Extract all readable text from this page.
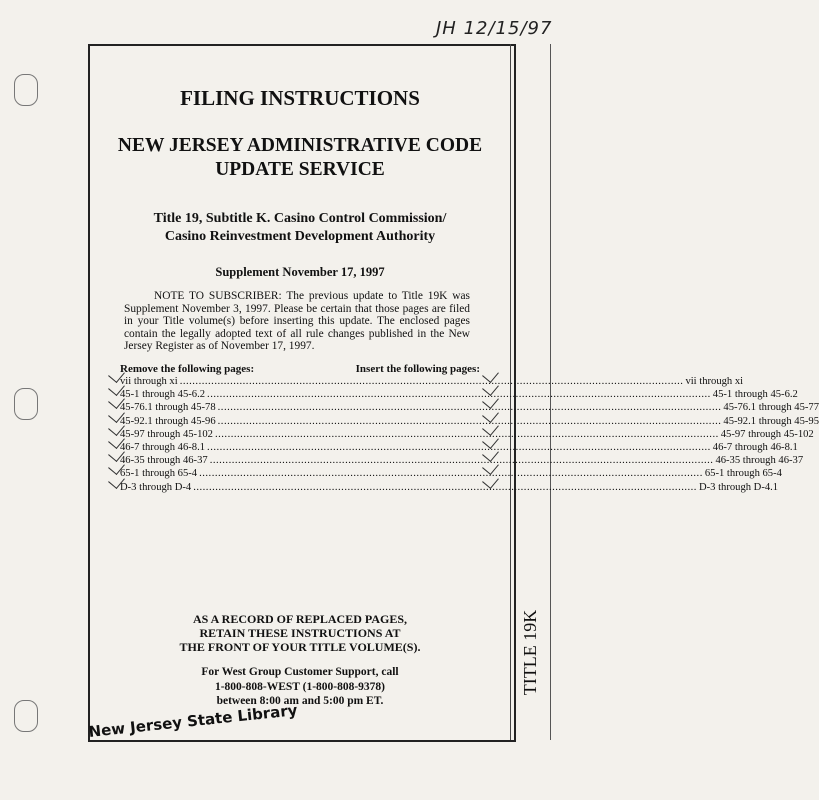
JH 12/15/97
FILING INSTRUCTIONS
NEW JERSEY ADMINISTRATIVE CODE
UPDATE SERVICE
Title 19, Subtitle K. Casino Control Commission/
Casino Reinvestment Development Authority
Supplement November 17, 1997
NOTE TO SUBSCRIBER: The previous update to Title 19K was Supplement November 3, 1997. Please be certain that those pages are filed in your Title volume(s) before inserting this update. The enclosed pages contain the legally adopted text of all rule changes published in the New Jersey Register as of November 17, 1997.
Remove the following pages:	Insert the following pages:
vii through xi ................................................................................................................................................................ vii through xi
45-1 through 45-6.2 ................................................................................................................................................................ 45-1 through 45-6.2
45-76.1 through 45-78 ................................................................................................................................................................ 45-76.1 through 45-77
45-92.1 through 45-96 ................................................................................................................................................................ 45-92.1 through 45-95
45-97 through 45-102 ................................................................................................................................................................ 45-97 through 45-102
46-7 through 46-8.1 ................................................................................................................................................................ 46-7 through 46-8.1
46-35 through 46-37 ................................................................................................................................................................ 46-35 through 46-37
65-1 through 65-4 ................................................................................................................................................................ 65-1 through 65-4
D-3 through D-4 ................................................................................................................................................................ D-3 through D-4.1
AS A RECORD OF REPLACED PAGES,
RETAIN THESE INSTRUCTIONS AT
THE FRONT OF YOUR TITLE VOLUME(S).
For West Group Customer Support, call
1-800-808-WEST (1-800-808-9378)
between 8:00 am and 5:00 pm ET.
New Jersey State Library
TITLE 19K
